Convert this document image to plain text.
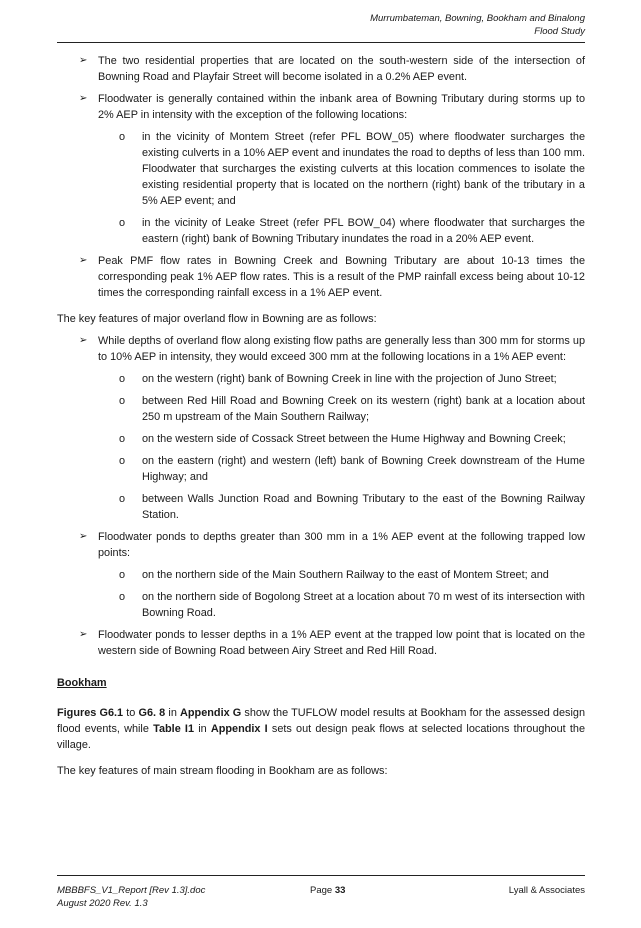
Murrumbateman, Bowning, Bookham and Binalong
Flood Study
➢ The two residential properties that are located on the south-western side of the intersection of Bowning Road and Playfair Street will become isolated in a 0.2% AEP event.
➢ Floodwater is generally contained within the inbank area of Bowning Tributary during storms up to 2% AEP in intensity with the exception of the following locations:
o in the vicinity of Montem Street (refer PFL BOW_05) where floodwater surcharges the existing culverts in a 10% AEP event and inundates the road to depths of less than 100 mm. Floodwater that surcharges the existing culverts at this location commences to isolate the existing residential property that is located on the northern (right) bank of the tributary in a 5% AEP event; and
o in the vicinity of Leake Street (refer PFL BOW_04) where floodwater that surcharges the eastern (right) bank of Bowning Tributary inundates the road in a 20% AEP event.
➢ Peak PMF flow rates in Bowning Creek and Bowning Tributary are about 10-13 times the corresponding peak 1% AEP flow rates. This is a result of the PMP rainfall excess being about 10-12 times the corresponding rainfall excess in a 1% AEP event.

The key features of major overland flow in Bowning are as follows:

➢ While depths of overland flow along existing flow paths are generally less than 300 mm for storms up to 10% AEP in intensity, they would exceed 300 mm at the following locations in a 1% AEP event:
o on the western (right) bank of Bowning Creek in line with the projection of Juno Street;
o between Red Hill Road and Bowning Creek on its western (right) bank at a location about 250 m upstream of the Main Southern Railway;
o on the western side of Cossack Street between the Hume Highway and Bowning Creek;
o on the eastern (right) and western (left) bank of Bowning Creek downstream of the Hume Highway; and
o between Walls Junction Road and Bowning Tributary to the east of the Bowning Railway Station.
➢ Floodwater ponds to depths greater than 300 mm in a 1% AEP event at the following trapped low points:
o on the northern side of the Main Southern Railway to the east of Montem Street; and
o on the northern side of Bogolong Street at a location about 70 m west of its intersection with Bowning Road.
➢ Floodwater ponds to lesser depths in a 1% AEP event at the trapped low point that is located on the western side of Bowning Road between Airy Street and Red Hill Road.
Bookham

Figures G6.1 to G6. 8 in Appendix G show the TUFLOW model results at Bookham for the assessed design flood events, while Table I1 in Appendix I sets out design peak flows at selected locations throughout the village.

The key features of main stream flooding in Bookham are as follows:

MBBBFS_V1_Report [Rev 1.3].doc
August 2020 Rev. 1.3
Page 33	Lyall & Associates
